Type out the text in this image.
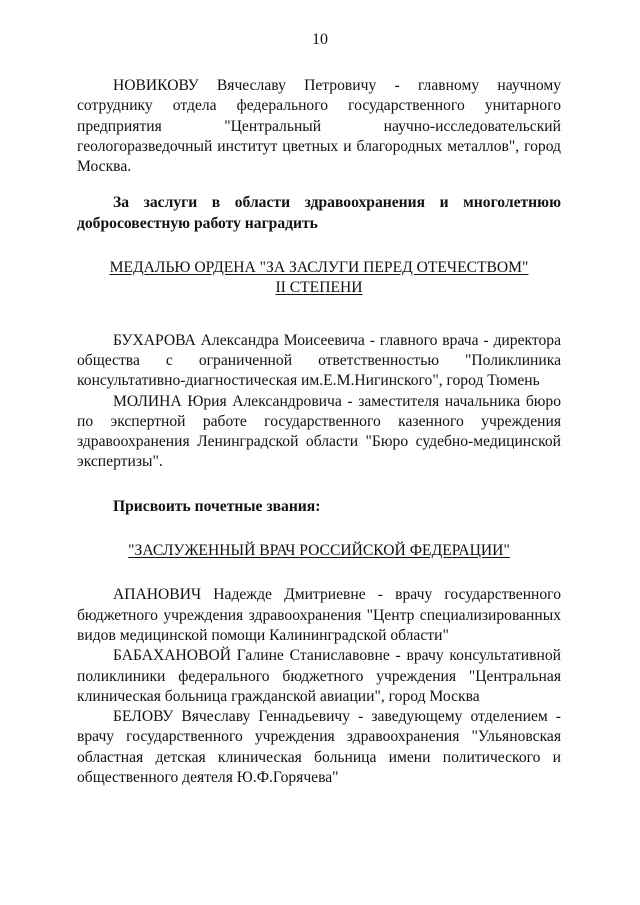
10

НОВИКОВУ Вячеславу Петровичу - главному научному сотруднику отдела федерального государственного унитарного предприятия "Центральный научно-исследовательский геологоразведочный институт цветных и благородных металлов", город Москва.

За заслуги в области здравоохранения и многолетнюю добросовестную работу наградить

МЕДАЛЬЮ ОРДЕНА "ЗА ЗАСЛУГИ ПЕРЕД ОТЕЧЕСТВОМ"

II СТЕПЕНИ

БУХАРОВА Александра Моисеевича - главного врача - директора общества с ограниченной ответственностью "Поликлиника консультативно-диагностическая им.Е.М.Нигинского", город Тюмень

МОЛИНА Юрия Александровича - заместителя начальника бюро по экспертной работе государственного казенного учреждения здравоохранения Ленинградской области "Бюро судебно-медицинской экспертизы".

Присвоить почетные звания:

"ЗАСЛУЖЕННЫЙ ВРАЧ РОССИЙСКОЙ ФЕДЕРАЦИИ"

АПАНОВИЧ Надежде Дмитриевне - врачу государственного бюджетного учреждения здравоохранения "Центр специализированных видов медицинской помощи Калининградской области"

БАБАХАНОВОЙ Галине Станиславовне - врачу консультативной поликлиники федерального бюджетного учреждения "Центральная клиническая больница гражданской авиации", город Москва

БЕЛОВУ Вячеславу Геннадьевичу - заведующему отделением - врачу государственного учреждения здравоохранения "Ульяновская областная детская клиническая больница имени политического и общественного деятеля Ю.Ф.Горячева"
